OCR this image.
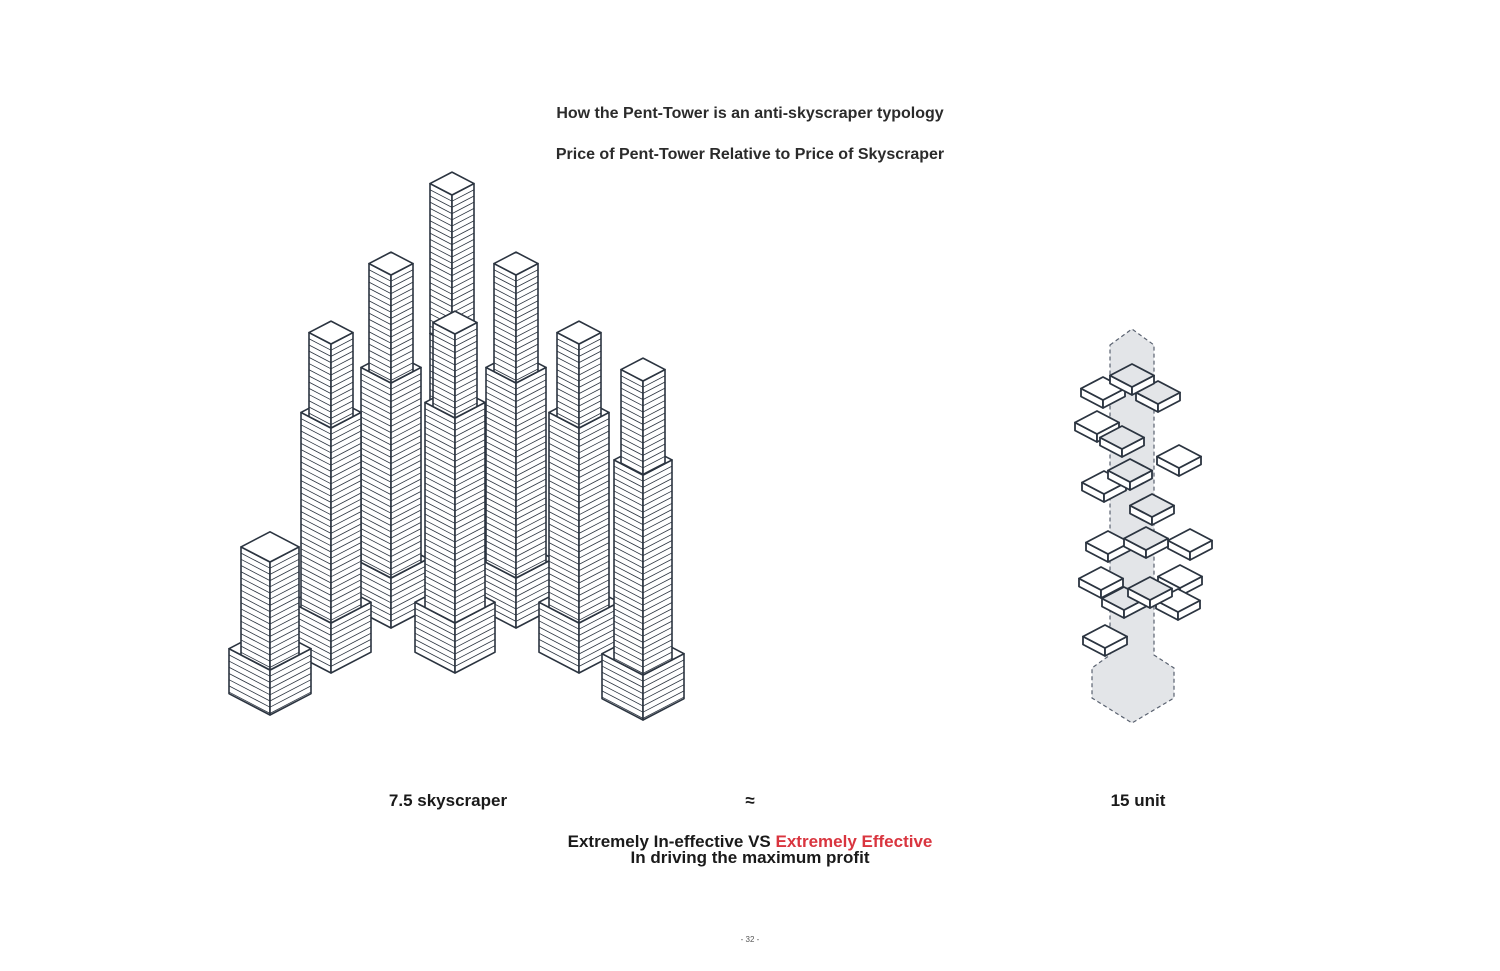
How the Pent-Tower is an anti-skyscraper typology
Price of Pent-Tower Relative to Price of Skyscraper
7.5 skyscraper	≈	15 unit
Extremely In-effective VS Extremely Effective
In driving the maximum profit
- 32 -
